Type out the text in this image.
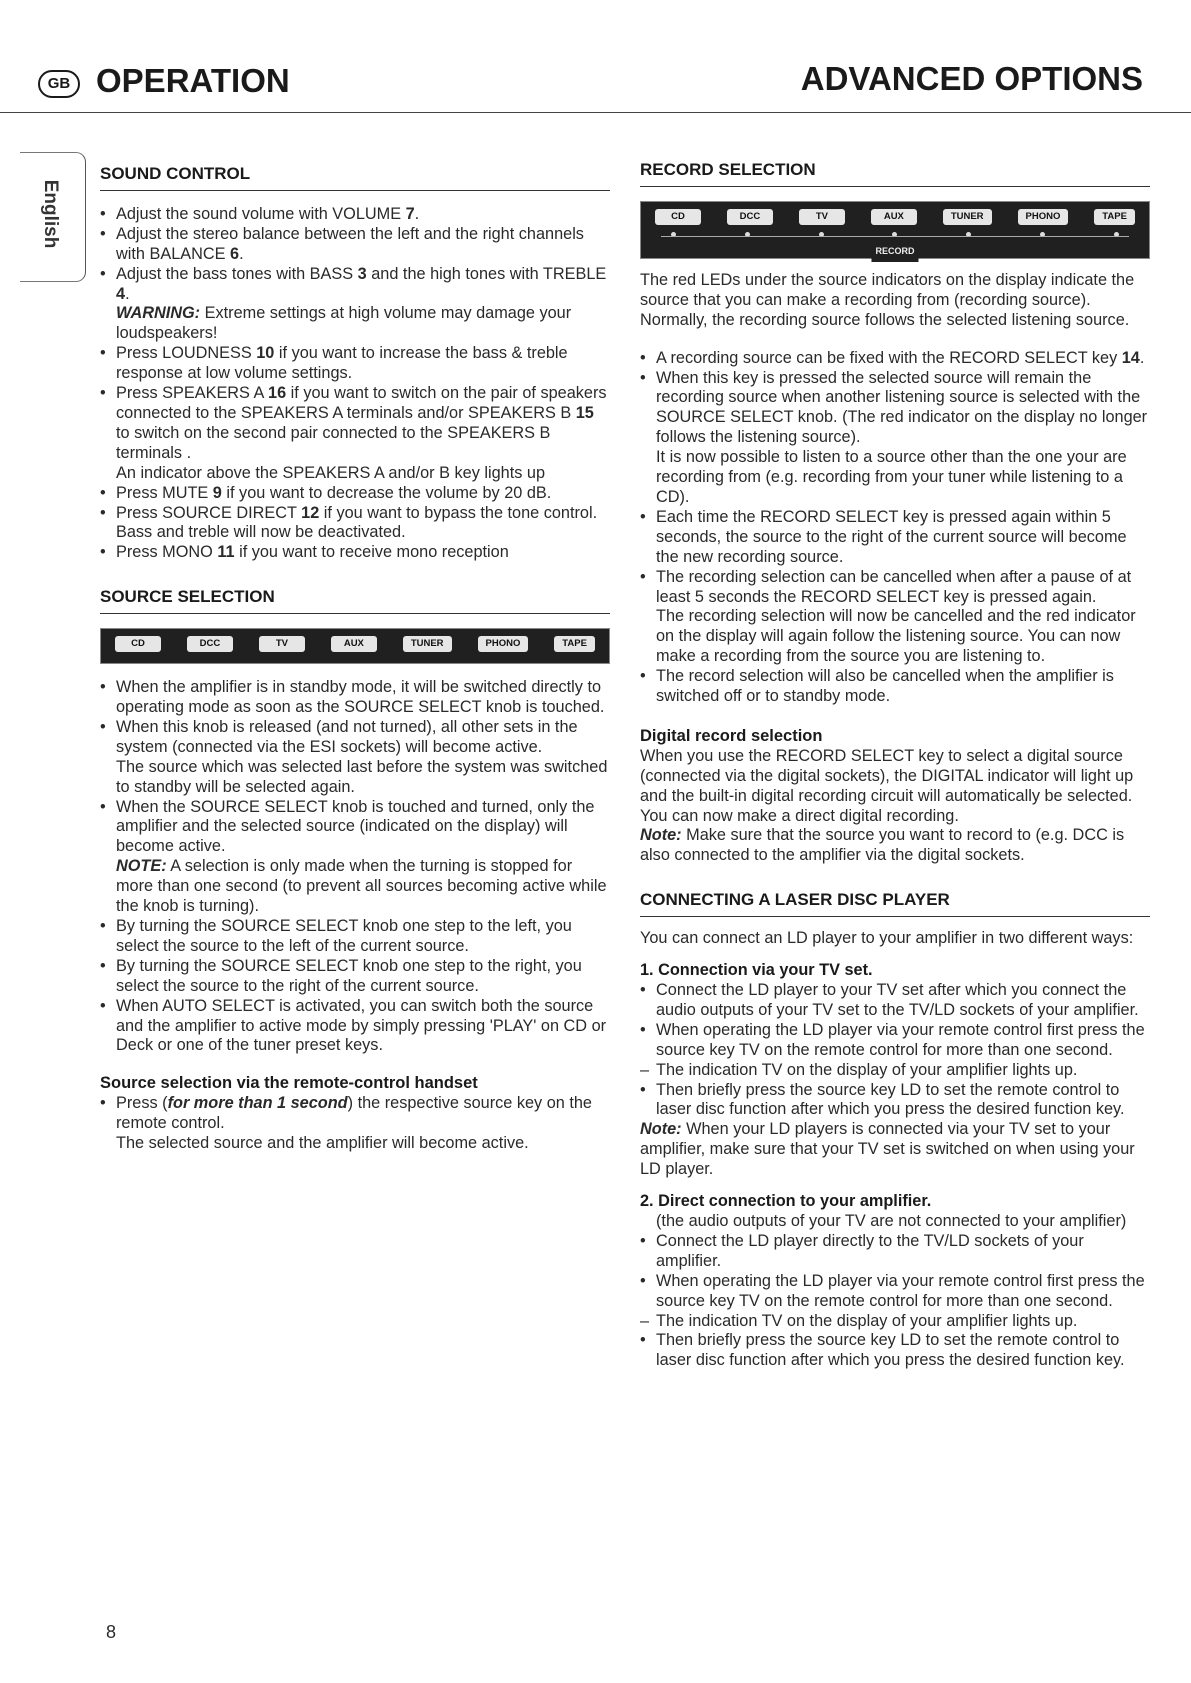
GB OPERATION	ADVANCED OPTIONS
English
SOUND CONTROL
• Adjust the sound volume with VOLUME 7.
• Adjust the stereo balance between the left and the right channels with BALANCE 6.
• Adjust the bass tones with BASS 3 and the high tones with TREBLE 4.
WARNING: Extreme settings at high volume may damage your loudspeakers!
• Press LOUDNESS 10 if you want to increase the bass & treble response at low volume settings.
• Press SPEAKERS A 16 if you want to switch on the pair of speakers connected to the SPEAKERS A terminals and/or SPEAKERS B 15 to switch on the second pair connected to the SPEAKERS B terminals .
An indicator above the SPEAKERS A and/or B key lights up
• Press MUTE 9 if you want to decrease the volume by 20 dB.
• Press SOURCE DIRECT 12 if you want to bypass the tone control. Bass and treble will now be deactivated.
• Press MONO 11 if you want to receive mono reception
SOURCE SELECTION
CD	DCC	TV	AUX	TUNER	PHONO	TAPE
• When the amplifier is in standby mode, it will be switched directly to operating mode as soon as the SOURCE SELECT knob is touched.
• When this knob is released (and not turned), all other sets in the system (connected via the ESI sockets) will become active.
The source which was selected last before the system was switched to standby will be selected again.
• When the SOURCE SELECT knob is touched and turned, only the amplifier and the selected source (indicated on the display) will become active.
NOTE: A selection is only made when the turning is stopped for more than one second (to prevent all sources becoming active while the knob is turning).
• By turning the SOURCE SELECT knob one step to the left, you select the source to the left of the current source.
• By turning the SOURCE SELECT knob one step to the right, you select the source to the right of the current source.
• When AUTO SELECT is activated, you can switch both the source and the amplifier to active mode by simply pressing 'PLAY' on CD or Deck or one of the tuner preset keys.
Source selection via the remote-control handset
• Press (for more than 1 second) the respective source key on the remote control.
The selected source and the amplifier will become active.
RECORD SELECTION
CD	DCC	TV	AUX	TUNER	PHONO	TAPE
RECORD
The red LEDs under the source indicators on the display indicate the source that you can make a recording from (recording source). Normally, the recording source follows the selected listening source.
• A recording source can be fixed with the RECORD SELECT key 14.
• When this key is pressed the selected source will remain the recording source when another listening source is selected with the SOURCE SELECT knob. (The red indicator on the display no longer follows the listening source).
It is now possible to listen to a source other than the one your are recording from (e.g. recording from your tuner while listening to a CD).
• Each time the RECORD SELECT key is pressed again within 5 seconds, the source to the right of the current source will become the new recording source.
• The recording selection can be cancelled when after a pause of at least 5 seconds the RECORD SELECT key is pressed again.
The recording selection will now be cancelled and the red indicator on the display will again follow the listening source. You can now make a recording from the source you are listening to.
• The record selection will also be cancelled when the amplifier is switched off or to standby mode.
Digital record selection
When you use the RECORD SELECT key to select a digital source (connected via the digital sockets), the DIGITAL indicator will light up and the built-in digital recording circuit will automatically be selected. You can now make a direct digital recording.
Note: Make sure that the source you want to record to (e.g. DCC is also connected to the amplifier via the digital sockets.
CONNECTING A LASER DISC PLAYER
You can connect an LD player to your amplifier in two different ways:
1. Connection via your TV set.
• Connect the LD player to your TV set after which you connect the audio outputs of your TV set to the TV/LD sockets of your amplifier.
• When operating the LD player via your remote control first press the source key TV on the remote control for more than one second.
– The indication TV on the display of your amplifier lights up.
• Then briefly press the source key LD to set the remote control to laser disc function after which you press the desired function key.
Note: When your LD players is connected via your TV set to your amplifier, make sure that your TV set is switched on when using your LD player.
2. Direct connection to your amplifier.
(the audio outputs of your TV are not connected to your amplifier)
• Connect the LD player directly to the TV/LD sockets of your amplifier.
• When operating the LD player via your remote control first press the source key TV on the remote control for more than one second.
– The indication TV on the display of your amplifier lights up.
• Then briefly press the source key LD to set the remote control to laser disc function after which you press the desired function key.
8
